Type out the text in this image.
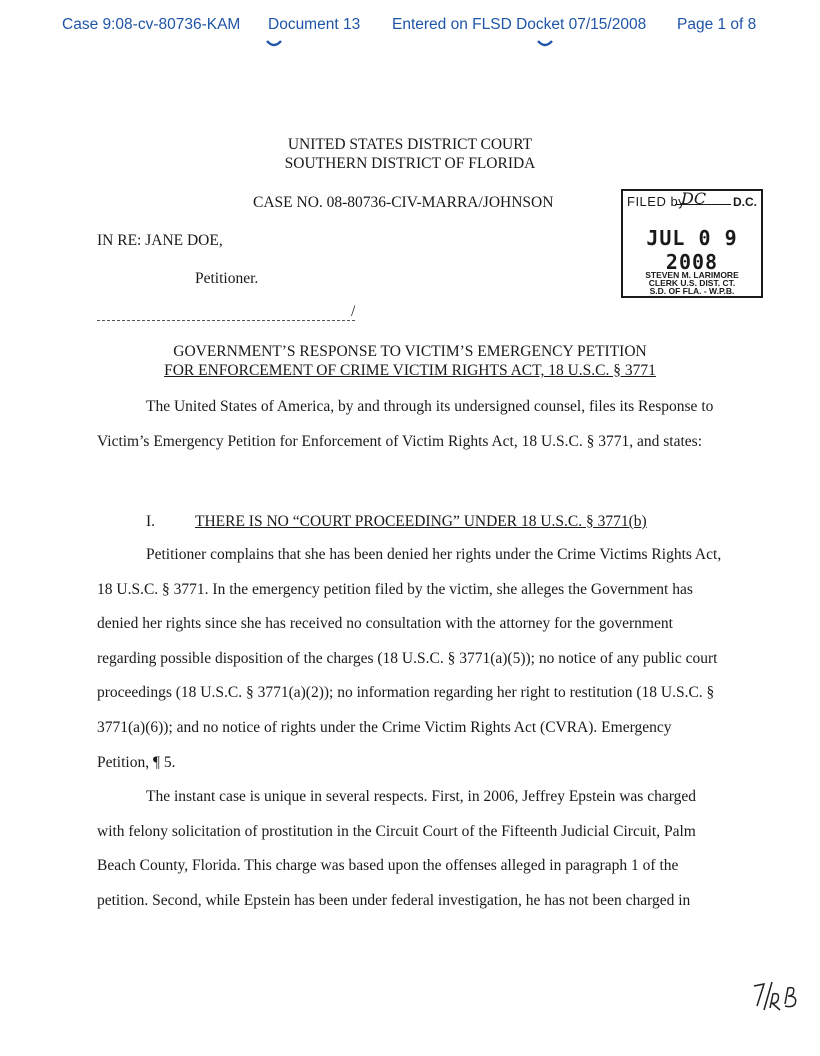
Case 9:08-cv-80736-KAM Document 13 Entered on FLSD Docket 07/15/2008 Page 1 of 8
UNITED STATES DISTRICT COURT
SOUTHERN DISTRICT OF FLORIDA
CASE NO. 08-80736-CIV-MARRA/JOHNSON
IN RE: JANE DOE,
Petitioner.
/
FILED by
DC D.C.
JUL 0 9 2008
STEVEN M. LARIMORE
CLERK U.S. DIST. CT.
S.D. OF FLA. - W.P.B.
GOVERNMENT’S RESPONSE TO VICTIM’S EMERGENCY PETITION
FOR ENFORCEMENT OF CRIME VICTIM RIGHTS ACT, 18 U.S.C. § 3771

The United States of America, by and through its undersigned counsel, files its Response to Victim’s Emergency Petition for Enforcement of Victim Rights Act, 18 U.S.C. § 3771, and states:

I.	THERE IS NO “COURT PROCEEDING” UNDER 18 U.S.C. § 3771(b)

Petitioner complains that she has been denied her rights under the Crime Victims Rights Act, 18 U.S.C. § 3771. In the emergency petition filed by the victim, she alleges the Government has denied her rights since she has received no consultation with the attorney for the government regarding possible disposition of the charges (18 U.S.C. § 3771(a)(5)); no notice of any public court proceedings (18 U.S.C. § 3771(a)(2)); no information regarding her right to restitution (18 U.S.C. § 3771(a)(6)); and no notice of rights under the Crime Victim Rights Act (CVRA). Emergency Petition, ¶ 5.

The instant case is unique in several respects. First, in 2006, Jeffrey Epstein was charged with felony solicitation of prostitution in the Circuit Court of the Fifteenth Judicial Circuit, Palm Beach County, Florida. This charge was based upon the offenses alleged in paragraph 1 of the petition. Second, while Epstein has been under federal investigation, he has not been charged in
